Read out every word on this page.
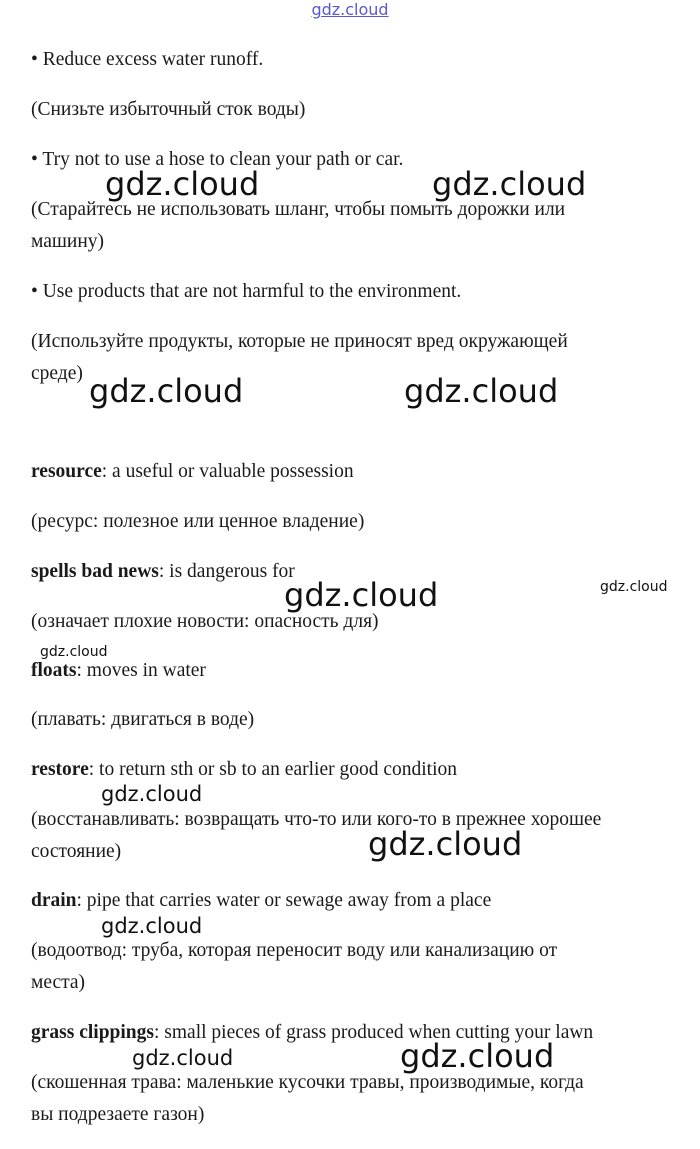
gdz.cloud
• Reduce excess water runoff.
(Снизьте избыточный сток воды)
• Try not to use a hose to clean your path or car.
(Старайтесь не использовать шланг, чтобы помыть дорожки или
машину)
• Use products that are not harmful to the environment.
(Используйте продукты, которые не приносят вред окружающей
среде)
resource: a useful or valuable possession
(ресурс: полезное или ценное владение)
spells bad news: is dangerous for
(означает плохие новости: опасность для)
floats: moves in water
(плавать: двигаться в воде)
restore: to return sth or sb to an earlier good condition
(восстанавливать: возвращать что-то или кого-то в прежнее хорошее
состояние)
drain: pipe that carries water or sewage away from a place
(водоотвод: труба, которая переносит воду или канализацию от
места)
grass clippings: small pieces of grass produced when cutting your lawn
(скошенная трава: маленькие кусочки травы, производимые, когда
вы подрезаете газон)
gdz.cloud	gdz.cloud
gdz.cloud	gdz.cloud
gdz.cloud	gdz.cloud
gdz.cloud
gdz.cloud
gdz.cloud
gdz.cloud
gdz.cloud	gdz.cloud
